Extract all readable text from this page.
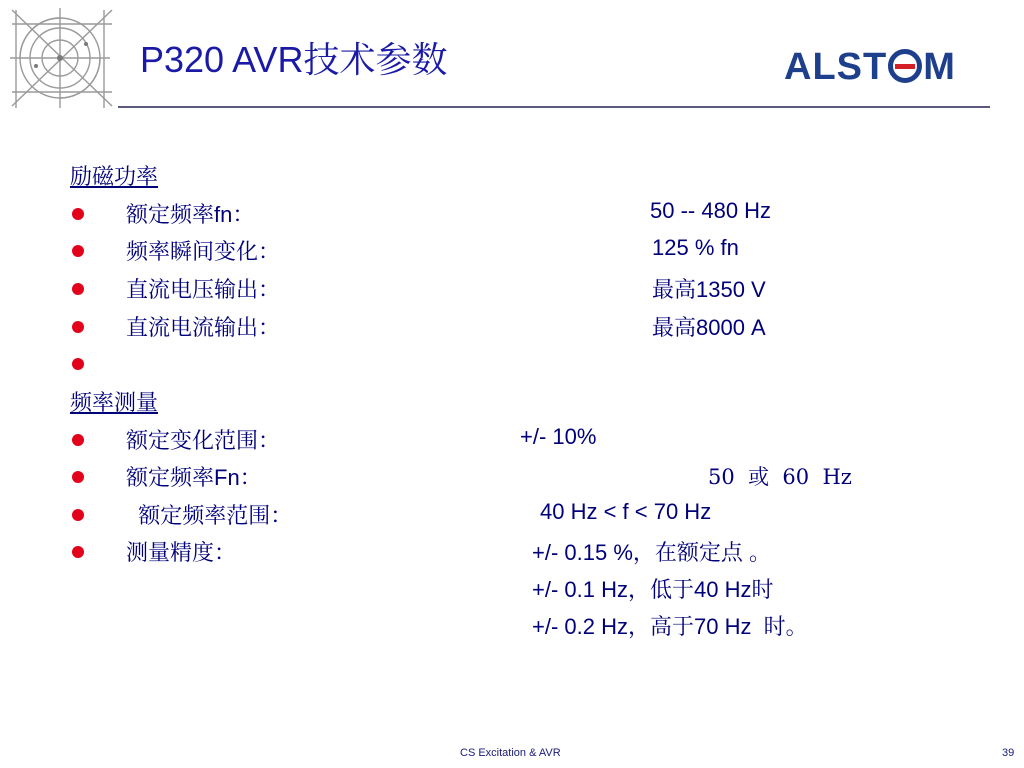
P320 AVR技术参数	ALST M
励磁功率
额定频率fn：	50 -- 480 Hz
频率瞬间变化：	125 % fn
直流电压输出：	最高1350 V
直流电流输出：	最高8000 A
频率测量
额定变化范围：	+/- 10%
额定频率Fn：	50  或  60  Hz
额定频率范围：	40 Hz < f < 70 Hz
测量精度：	+/- 0.15 %，在额定点 。
+/- 0.1 Hz，低于40 Hz时
+/- 0.2 Hz，高于70 Hz  时。
CS Excitation & AVR	39
